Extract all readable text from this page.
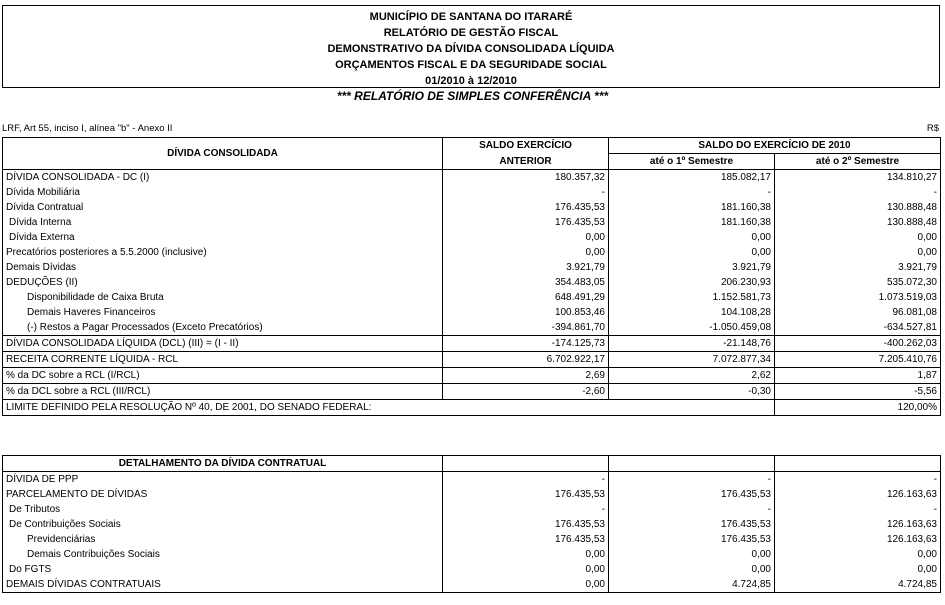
MUNICÍPIO DE SANTANA DO ITARARÉ
RELATÓRIO DE GESTÃO FISCAL
DEMONSTRATIVO DA DÍVIDA CONSOLIDADA LÍQUIDA
ORÇAMENTOS FISCAL E DA SEGURIDADE SOCIAL
01/2010 à 12/2010
*** RELATÓRIO DE SIMPLES CONFERÊNCIA ***
LRF, Art 55, inciso I, alínea "b" - Anexo II	R$
DÍVIDA CONSOLIDADA	SALDO EXERCÍCIO	SALDO DO EXERCÍCIO DE 2010	
	ANTERIOR	até o 1º Semestre	até o 2º Semestre
DÍVIDA CONSOLIDADA - DC (I)	180.357,32	185.082,17	134.810,27
Dívida Mobiliária	-	-	-
Dívida Contratual	176.435,53	181.160,38	130.888,48
Dívida Interna	176.435,53	181.160,38	130.888,48
Dívida Externa	0,00	0,00	0,00
Precatórios posteriores a 5.5.2000 (inclusive)	0,00	0,00	0,00
Demais Dívidas	3.921,79	3.921,79	3.921,79
DEDUÇÕES (II)	354.483,05	206.230,93	535.072,30
Disponibilidade de Caixa Bruta	648.491,29	1.152.581,73	1.073.519,03
Demais Haveres Financeiros	100.853,46	104.108,28	96.081,08
(-) Restos a Pagar Processados (Exceto Precatórios)	-394.861,70	-1.050.459,08	-634.527,81
DÍVIDA CONSOLIDADA LÍQUIDA (DCL) (III) = (I - II)	-174.125,73	-21.148,76	-400.262,03
RECEITA CORRENTE LÍQUIDA - RCL	6.702.922,17	7.072.877,34	7.205.410,76
% da DC sobre a RCL (I/RCL)	2,69	2,62	1,87
% da DCL sobre a RCL (III/RCL)	-2,60	-0,30	-5,56
LIMITE DEFINIDO PELA RESOLUÇÃO Nº 40, DE 2001, DO SENADO FEDERAL:			120,00%
DETALHAMENTO DA DÍVIDA CONTRATUAL			
DÍVIDA DE PPP	-	-	-
PARCELAMENTO DE DÍVIDAS	176.435,53	176.435,53	126.163,63
De Tributos	-	-	-
De Contribuições Sociais	176.435,53	176.435,53	126.163,63
Previdenciárias	176.435,53	176.435,53	126.163,63
Demais Contribuições Sociais	0,00	0,00	0,00
Do FGTS	0,00	0,00	0,00
DEMAIS DÍVIDAS CONTRATUAIS	0,00	4.724,85	4.724,85
